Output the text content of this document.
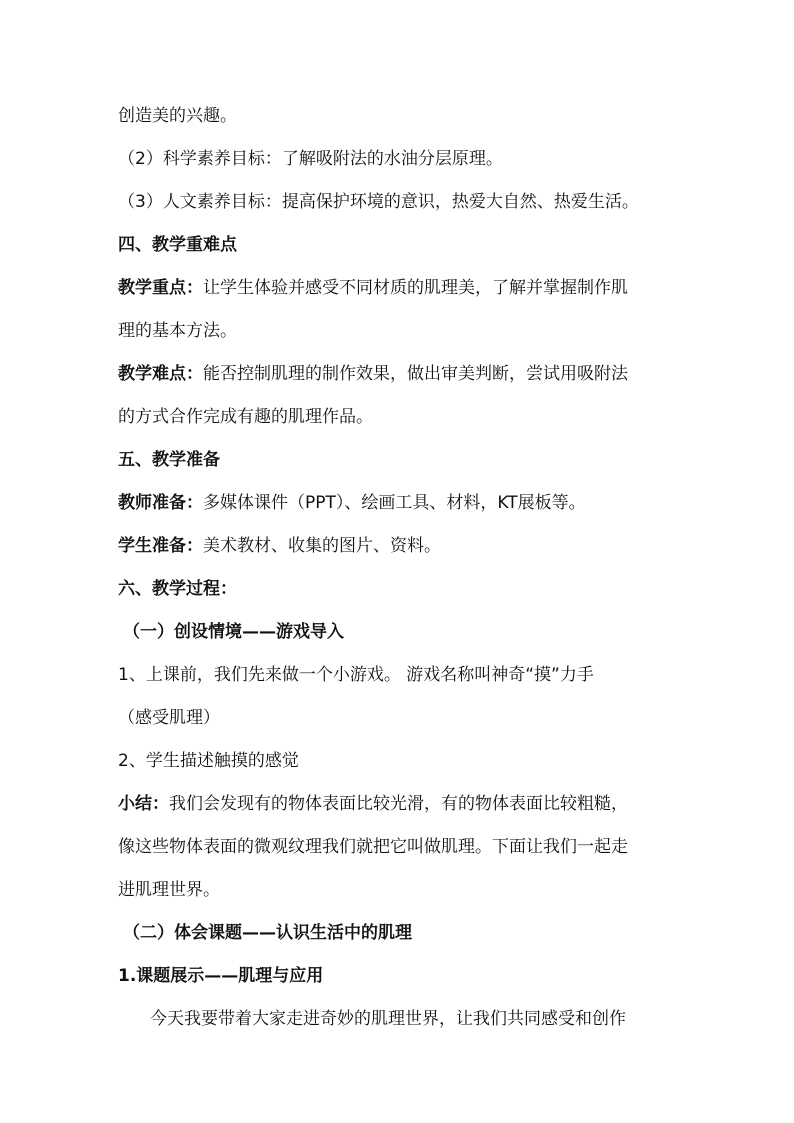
创造美的兴趣。
（2）科学素养目标：了解吸附法的水油分层原理。
（3）人文素养目标：提高保护环境的意识，热爱大自然、热爱生活。
四、教学重难点
教学重点：让学生体验并感受不同材质的肌理美，了解并掌握制作肌
理的基本方法。
教学难点：能否控制肌理的制作效果，做出审美判断，尝试用吸附法
的方式合作完成有趣的肌理作品。
五、教学准备
教师准备：多媒体课件（PPT）、绘画工具、材料，KT展板等。
学生准备：美术教材、收集的图片、资料。
六、教学过程：
（一）创设情境——游戏导入
1、上课前，我们先来做一个小游戏。 游戏名称叫神奇“摸”力手
（感受肌理）
2、学生描述触摸的感觉
小结：我们会发现有的物体表面比较光滑，有的物体表面比较粗糙，
像这些物体表面的微观纹理我们就把它叫做肌理。下面让我们一起走
进肌理世界。
（二）体会课题——认识生活中的肌理
1.课题展示——肌理与应用
今天我要带着大家走进奇妙的肌理世界，让我们共同感受和创作
